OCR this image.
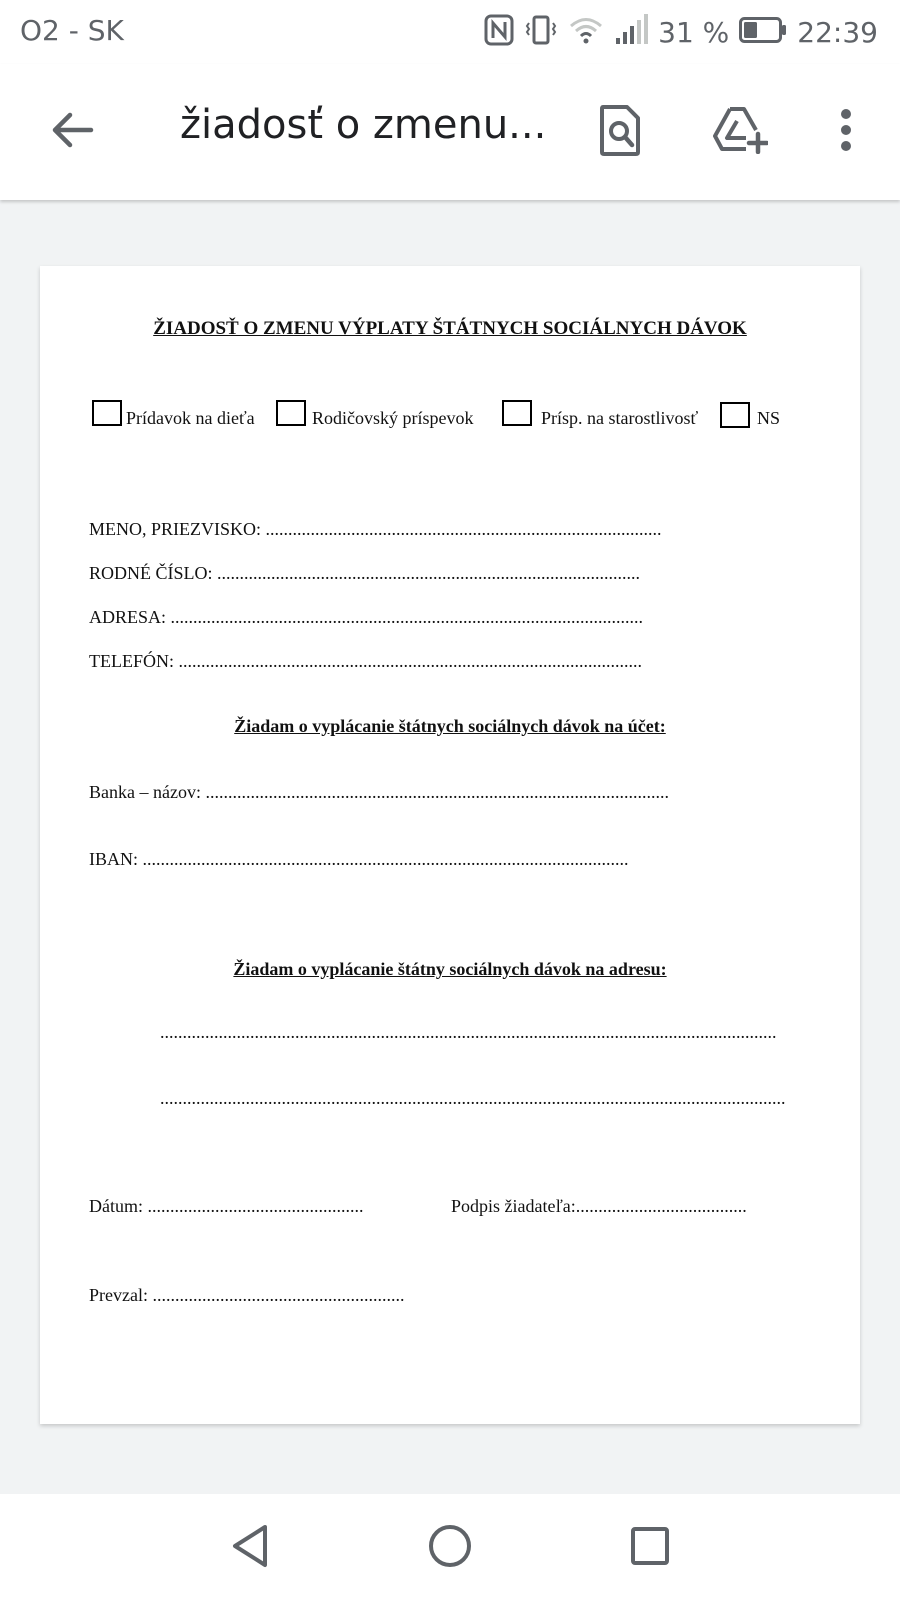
O2 - SK	31 % 22:39
žiadosť o zmenu...
ŽIADOSŤ O ZMENU VÝPLATY ŠTÁTNYCH SOCIÁLNYCH DÁVOK
Prídavok na dieťa	Rodičovský príspevok	Prísp. na starostlivosť	NS
MENO, PRIEZVISKO: ........................................................................................
RODNÉ ČÍSLO: ..............................................................................................
ADRESA: .........................................................................................................
TELEFÓN: .......................................................................................................
Žiadam o vyplácanie štátnych sociálnych dávok na účet:
Banka – názov: .......................................................................................................
IBAN: ............................................................................................................
Žiadam o vyplácanie štátny sociálnych dávok na adresu:
.........................................................................................................................................
...........................................................................................................................................
Dátum: ................................................	Podpis žiadateľa:......................................
Prevzal: ........................................................
